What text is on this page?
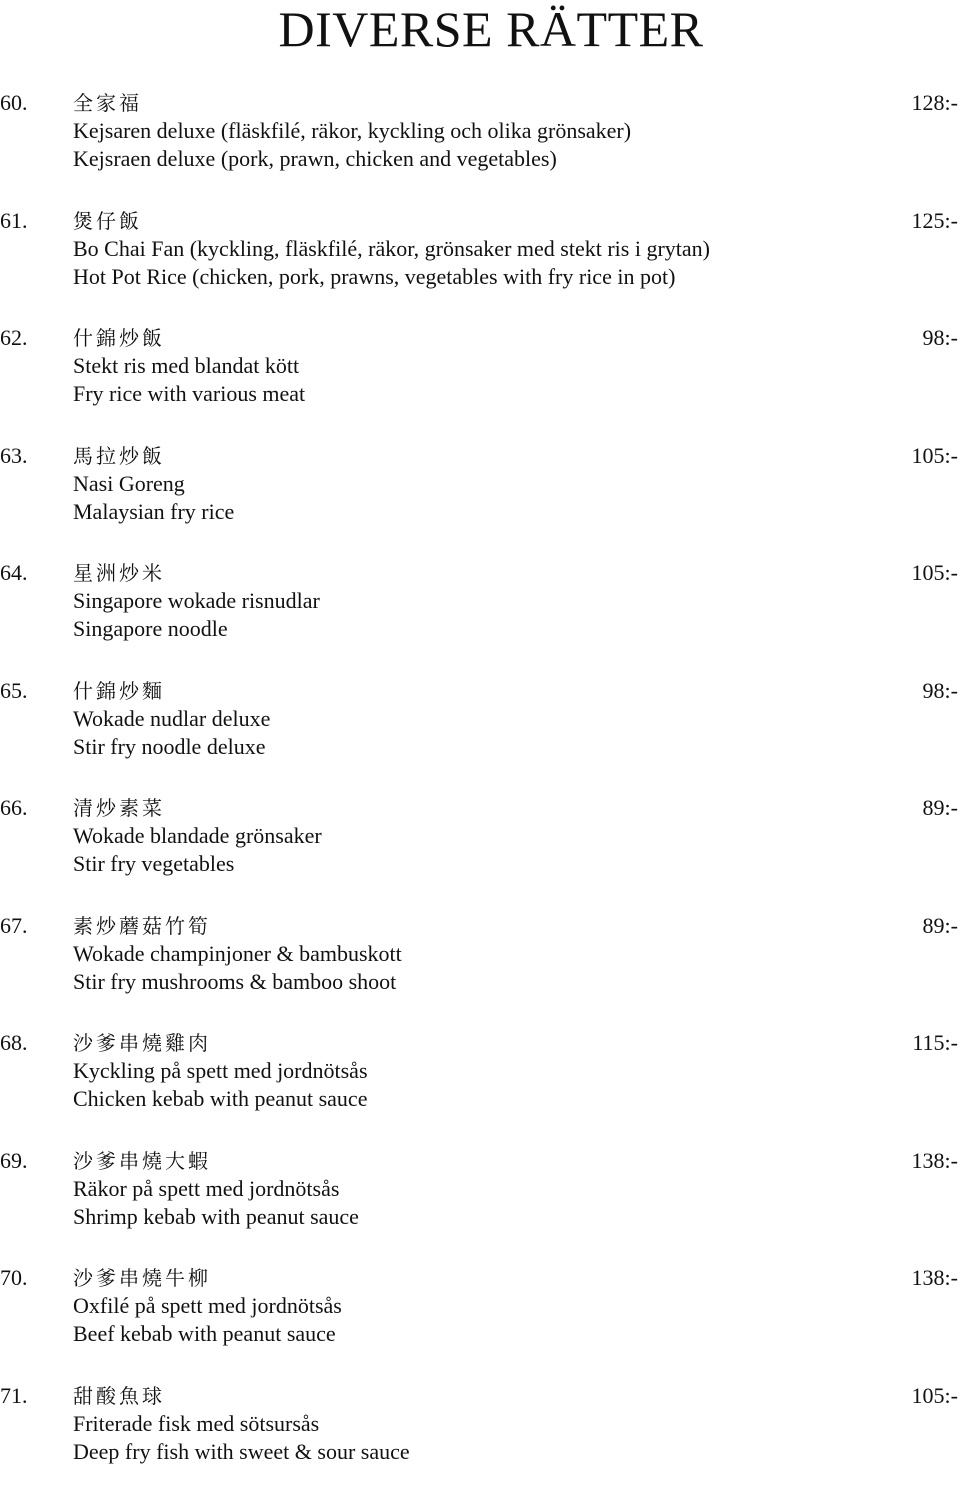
DIVERSE RÄTTER
60. 全家福	128:-
Kejsaren deluxe (fläskfilé, räkor, kyckling och olika grönsaker)
Kejsraen deluxe (pork, prawn, chicken and vegetables)
61. 煲仔飯	125:-
Bo Chai Fan (kyckling, fläskfilé, räkor, grönsaker med stekt ris i grytan)
Hot Pot Rice (chicken, pork, prawns, vegetables with fry rice in pot)
62. 什錦炒飯	98:-
Stekt ris med blandat kött
Fry rice with various meat
63. 馬拉炒飯	105:-
Nasi Goreng
Malaysian fry rice
64. 星洲炒米	105:-
Singapore wokade risnudlar
Singapore noodle
65. 什錦炒麵	98:-
Wokade nudlar deluxe
Stir fry noodle deluxe
66. 清炒素菜	89:-
Wokade blandade grönsaker
Stir fry vegetables
67. 素炒蘑菇竹筍	89:-
Wokade champinjoner & bambuskott
Stir fry mushrooms & bamboo shoot
68. 沙爹串燒雞肉	115:-
Kyckling på spett med jordnötsås
Chicken kebab with peanut sauce
69. 沙爹串燒大蝦	138:-
Räkor på spett med jordnötsås
Shrimp kebab with peanut sauce
70. 沙爹串燒牛柳	138:-
Oxfilé på spett med jordnötsås
Beef kebab with peanut sauce
71. 甜酸魚球	105:-
Friterade fisk med sötsursås
Deep fry fish with sweet & sour sauce
